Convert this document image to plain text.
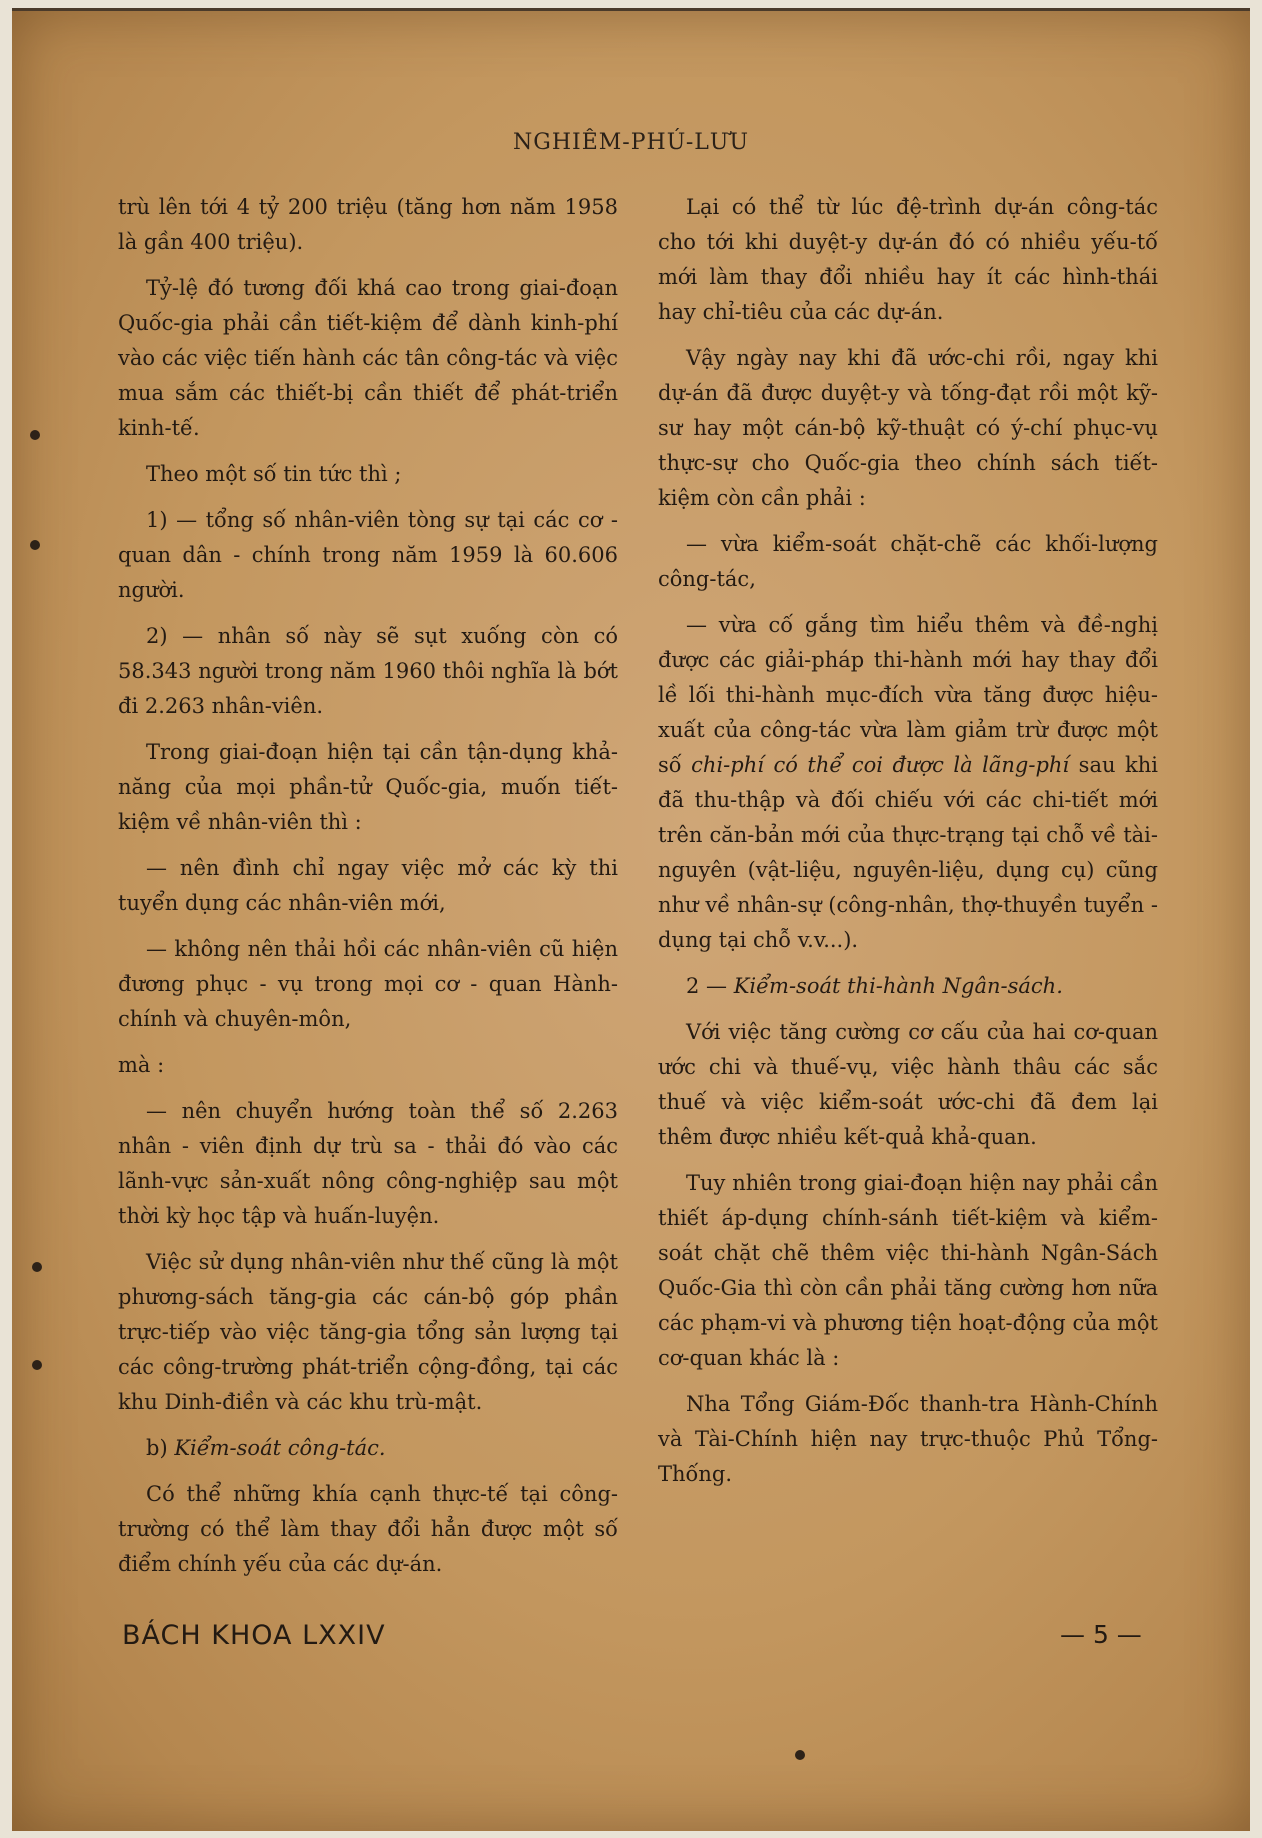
NGHIÊM-PHÚ-LƯU

trù lên tới 4 tỷ 200 triệu (tăng hơn năm 1958 là gần 400 triệu).

Tỷ-lệ đó tương đối khá cao trong giai-đoạn Quốc-gia phải cần tiết-kiệm để dành kinh-phí vào các việc tiến hành các tân công-tác và việc mua sắm các thiết-bị cần thiết để phát-triển kinh-tế.

Theo một số tin tức thì ;

1) — tổng số nhân-viên tòng sự tại các cơ - quan dân - chính trong năm 1959 là 60.606 người.

2) — nhân số này sẽ sụt xuống còn có 58.343 người trong năm 1960 thôi nghĩa là bớt đi 2.263 nhân-viên.

Trong giai-đoạn hiện tại cần tận-dụng khả-năng của mọi phần-tử Quốc-gia, muốn tiết-kiệm về nhân-viên thì :

— nên đình chỉ ngay việc mở các kỳ thi tuyển dụng các nhân-viên mới,

— không nên thải hồi các nhân-viên cũ hiện đương phục - vụ trong mọi cơ - quan Hành-chính và chuyên-môn,

mà :

— nên chuyển hướng toàn thể số 2.263 nhân - viên định dự trù sa - thải đó vào các lãnh-vực sản-xuất nông công-nghiệp sau một thời kỳ học tập và huấn-luyện.

Việc sử dụng nhân-viên như thế cũng là một phương-sách tăng-gia các cán-bộ góp phần trực-tiếp vào việc tăng-gia tổng sản lượng tại các công-trường phát-triển cộng-đồng, tại các khu Dinh-điền và các khu trù-mật.

b) Kiểm-soát công-tác.

Có thể những khía cạnh thực-tế tại công-trường có thể làm thay đổi hẳn được một số điểm chính yếu của các dự-án.

Lại có thể từ lúc đệ-trình dự-án công-tác cho tới khi duyệt-y dự-án đó có nhiều yếu-tố mới làm thay đổi nhiều hay ít các hình-thái hay chỉ-tiêu của các dự-án.

Vậy ngày nay khi đã ước-chi rồi, ngay khi dự-án đã được duyệt-y và tống-đạt rồi một kỹ-sư hay một cán-bộ kỹ-thuật có ý-chí phục-vụ thực-sự cho Quốc-gia theo chính sách tiết-kiệm còn cần phải :

— vừa kiểm-soát chặt-chẽ các khối-lượng công-tác,

— vừa cố gắng tìm hiểu thêm và đề-nghị được các giải-pháp thi-hành mới hay thay đổi lề lối thi-hành mục-đích vừa tăng được hiệu-xuất của công-tác vừa làm giảm trừ được một số chi-phí có thể coi được là lãng-phí sau khi đã thu-thập và đối chiếu với các chi-tiết mới trên căn-bản mới của thực-trạng tại chỗ về tài-nguyên (vật-liệu, nguyên-liệu, dụng cụ) cũng như về nhân-sự (công-nhân, thợ-thuyền tuyển - dụng tại chỗ v.v...).

2 — Kiểm-soát thi-hành Ngân-sách.

Với việc tăng cường cơ cấu của hai cơ-quan ước chi và thuế-vụ, việc hành thâu các sắc thuế và việc kiểm-soát ước-chi đã đem lại thêm được nhiều kết-quả khả-quan.

Tuy nhiên trong giai-đoạn hiện nay phải cần thiết áp-dụng chính-sánh tiết-kiệm và kiểm-soát chặt chẽ thêm việc thi-hành Ngân-Sách Quốc-Gia thì còn cần phải tăng cường hơn nữa các phạm-vi và phương tiện hoạt-động của một cơ-quan khác là :

Nha Tổng Giám-Đốc thanh-tra Hành-Chính và Tài-Chính hiện nay trực-thuộc Phủ Tổng-Thống.

BÁCH KHOA LXXIV	— 5 —
